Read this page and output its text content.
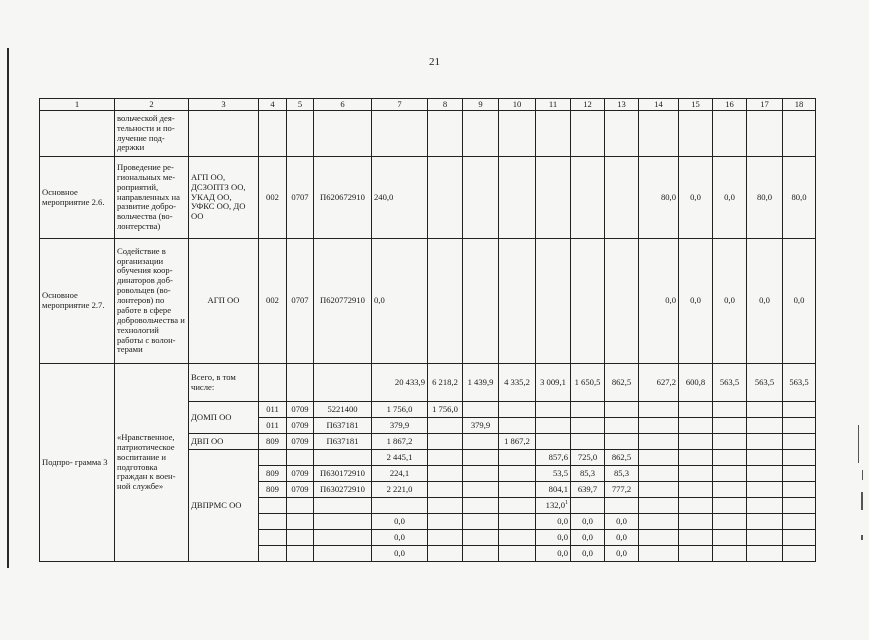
21
1	2	3	4	5	6	7	8	9	10	11	12	13	14	15	16	17	18
	вольческой дея- тельности и по- лучение под- держки																
Основное мероприятие 2.6.	Проведение ре- гиональных ме- роприятий, направленных на развитие добро- вольчества (во- лонтерства)	АГП ОО, ДСЗОПТЗ ОО, УКАД ОО, УФКС ОО, ДО ОО	002	0707	П620672910	240,0							80,0	0,0	0,0	80,0	80,0
Основное мероприятие 2.7.	Содействие в организации обучения коор- динаторов доб- ровольцев (во- лонтеров) по работе в сфере добровольчества и технологий работы с волон- терами	АГП ОО	002	0707	П620772910	0,0							0,0	0,0	0,0	0,0	0,0
Подпро- грамма 3	«Нравственное, патриотическое воспитание и подготовка граждан к воен- ной службе»	Всего, в том числе:				20 433,9	6 218,2	1 439,9	4 335,2	3 009,1	1 650,5	862,5	627,2	600,8	563,5	563,5	563,5
		ДОМП ОО	011	0709	5221400	1 756,0	1 756,0										
			011	0709	П637181	379,9		379,9									
		ДВП ОО	809	0709	П637181	1 867,2			1 867,2								
		ДВПРМС ОО				2 445,1				857,6	725,0	862,5					
			809	0709	П630172910	224,1				53,5	85,3	85,3					
			809	0709	П630272910	2 221,0				804,1	639,7	777,2					
										132,0$^1$							
						0,0				0,0	0,0	0,0					
						0,0				0,0	0,0	0,0					
						0,0				0,0	0,0	0,0					
